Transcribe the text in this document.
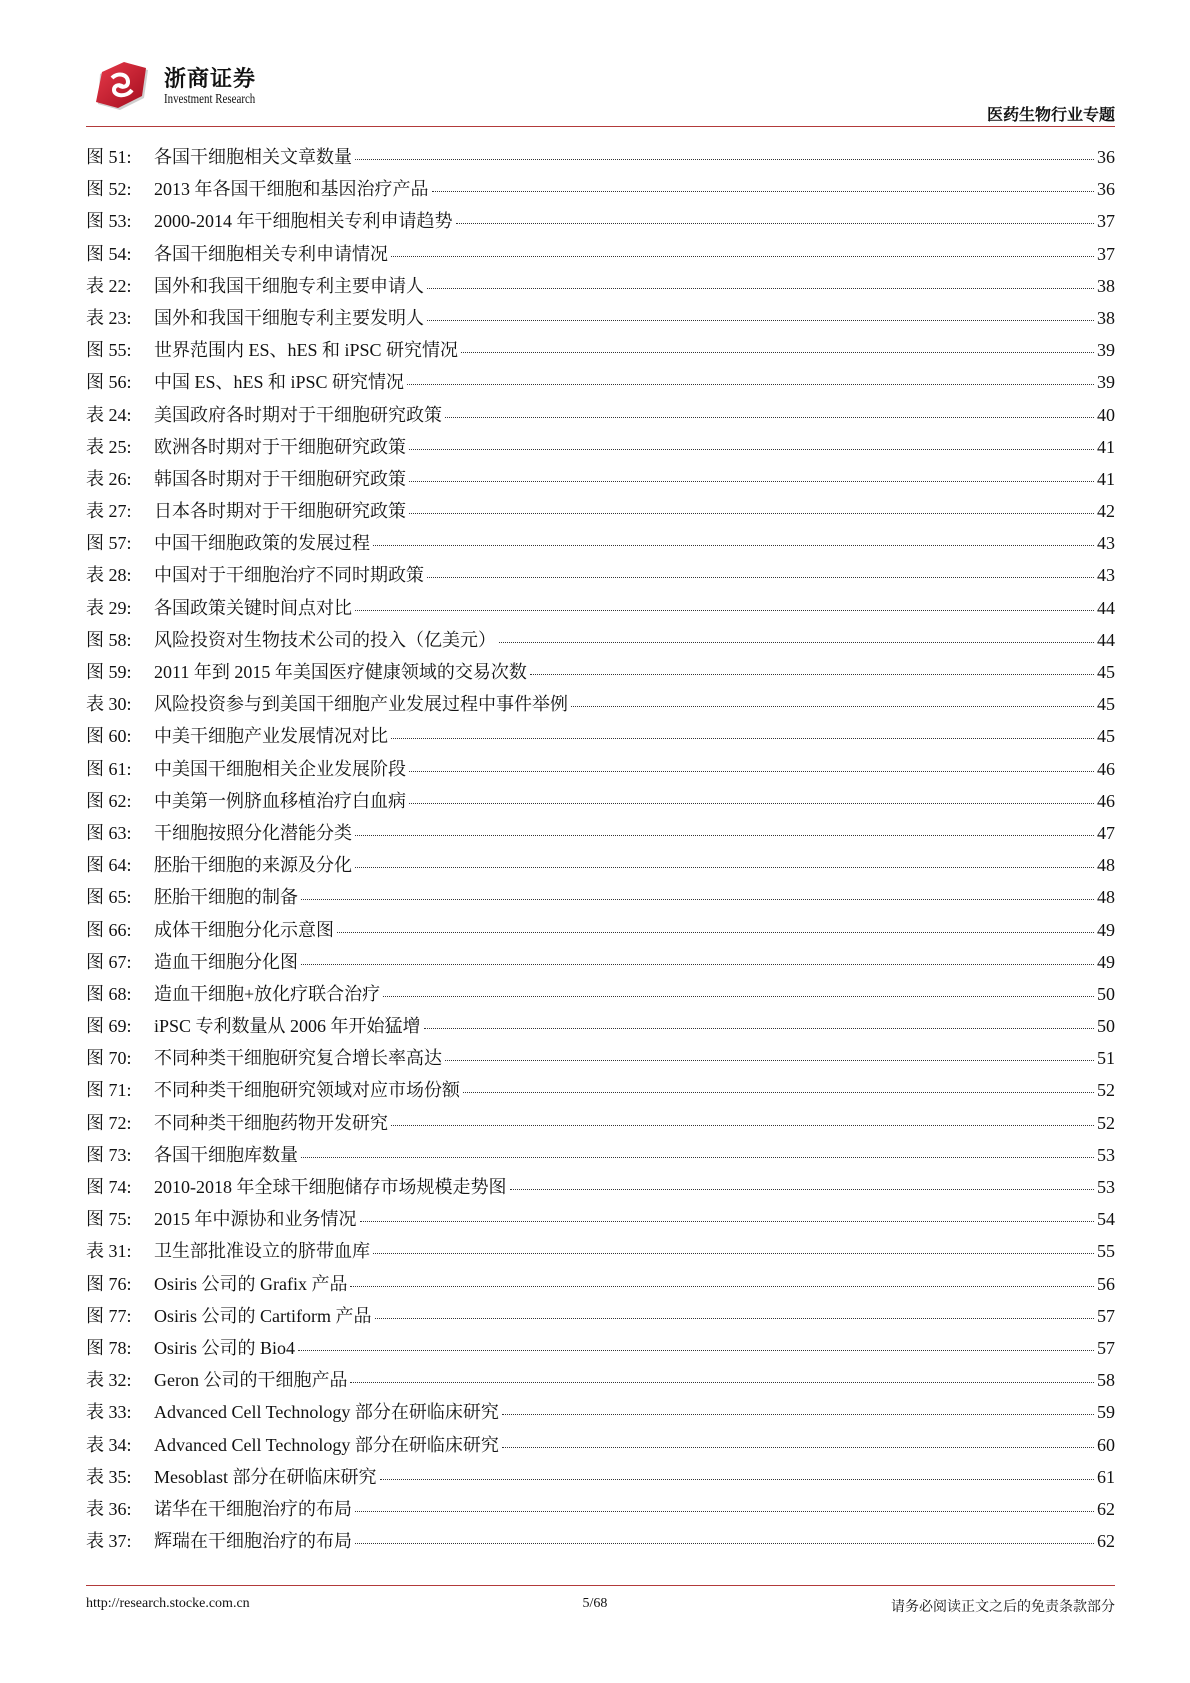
浙商证券
Investment Research
医药生物行业专题
图 51:	各国干细胞相关文章数量	36
图 52:	2013 年各国干细胞和基因治疗产品	36
图 53:	2000-2014 年干细胞相关专利申请趋势	37
图 54:	各国干细胞相关专利申请情况	37
表 22:	国外和我国干细胞专利主要申请人	38
表 23:	国外和我国干细胞专利主要发明人	38
图 55:	世界范围内 ES、hES 和 iPSC 研究情况	39
图 56:	中国 ES、hES 和 iPSC 研究情况	39
表 24:	美国政府各时期对于干细胞研究政策	40
表 25:	欧洲各时期对于干细胞研究政策	41
表 26:	韩国各时期对于干细胞研究政策	41
表 27:	日本各时期对于干细胞研究政策	42
图 57:	中国干细胞政策的发展过程	43
表 28:	中国对于干细胞治疗不同时期政策	43
表 29:	各国政策关键时间点对比	44
图 58:	风险投资对生物技术公司的投入（亿美元）	44
图 59:	2011 年到 2015 年美国医疗健康领域的交易次数	45
表 30:	风险投资参与到美国干细胞产业发展过程中事件举例	45
图 60:	中美干细胞产业发展情况对比	45
图 61:	中美国干细胞相关企业发展阶段	46
图 62:	中美第一例脐血移植治疗白血病	46
图 63:	干细胞按照分化潜能分类	47
图 64:	胚胎干细胞的来源及分化	48
图 65:	胚胎干细胞的制备	48
图 66:	成体干细胞分化示意图	49
图 67:	造血干细胞分化图	49
图 68:	造血干细胞+放化疗联合治疗	50
图 69:	iPSC 专利数量从 2006 年开始猛增	50
图 70:	不同种类干细胞研究复合增长率高达	51
图 71:	不同种类干细胞研究领域对应市场份额	52
图 72:	不同种类干细胞药物开发研究	52
图 73:	各国干细胞库数量	53
图 74:	2010-2018 年全球干细胞储存市场规模走势图	53
图 75:	2015 年中源协和业务情况	54
表 31:	卫生部批准设立的脐带血库	55
图 76:	Osiris 公司的 Grafix 产品	56
图 77:	Osiris 公司的 Cartiform 产品	57
图 78:	Osiris 公司的 Bio4	57
表 32:	Geron 公司的干细胞产品	58
表 33:	Advanced Cell Technology 部分在研临床研究	59
表 34:	Advanced Cell Technology 部分在研临床研究	60
表 35:	Mesoblast 部分在研临床研究	61
表 36:	诺华在干细胞治疗的布局	62
表 37:	辉瑞在干细胞治疗的布局	62
http://research.stocke.com.cn	5/68	请务必阅读正文之后的免责条款部分
